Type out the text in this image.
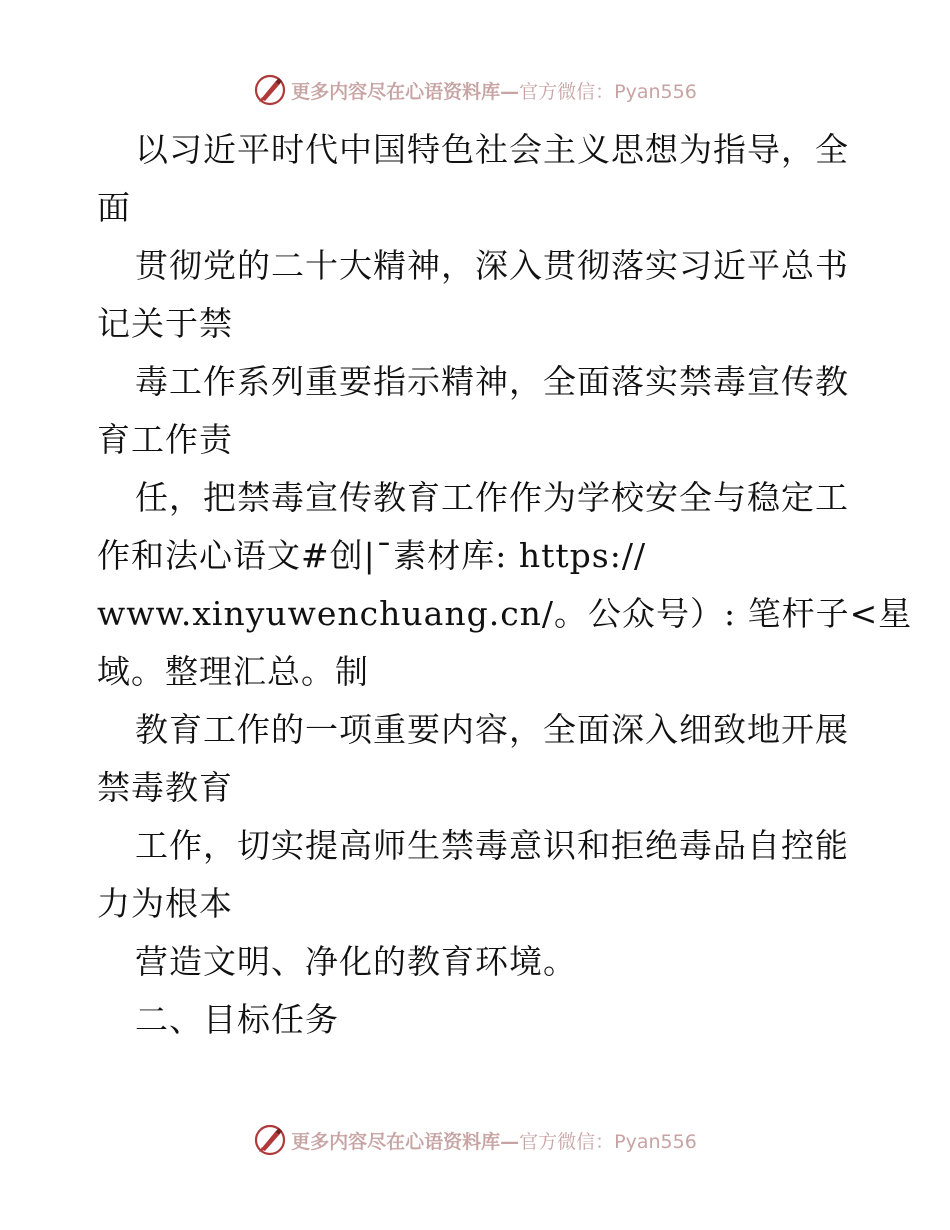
更多内容尽在心语资料库— 官方微信：Pyan556
以习近平时代中国特色社会主义思想为指导，全
面
贯彻党的二十大精神，深入贯彻落实习近平总书
记关于禁
毒工作系列重要指示精神，全面落实禁毒宣传教
育工作责
任，把禁毒宣传教育工作作为学校安全与稳定工
作和法心语文#创|¯素材库: https://
www.xinyuwenchuang.cn/。公众号）: 笔杆子<星
域。整理汇总。制
教育工作的一项重要内容，全面深入细致地开展
禁毒教育
工作，切实提高师生禁毒意识和拒绝毒品自控能
力为根本
营造文明、净化的教育环境。
二、目标任务
更多内容尽在心语资料库— 官方微信：Pyan556
